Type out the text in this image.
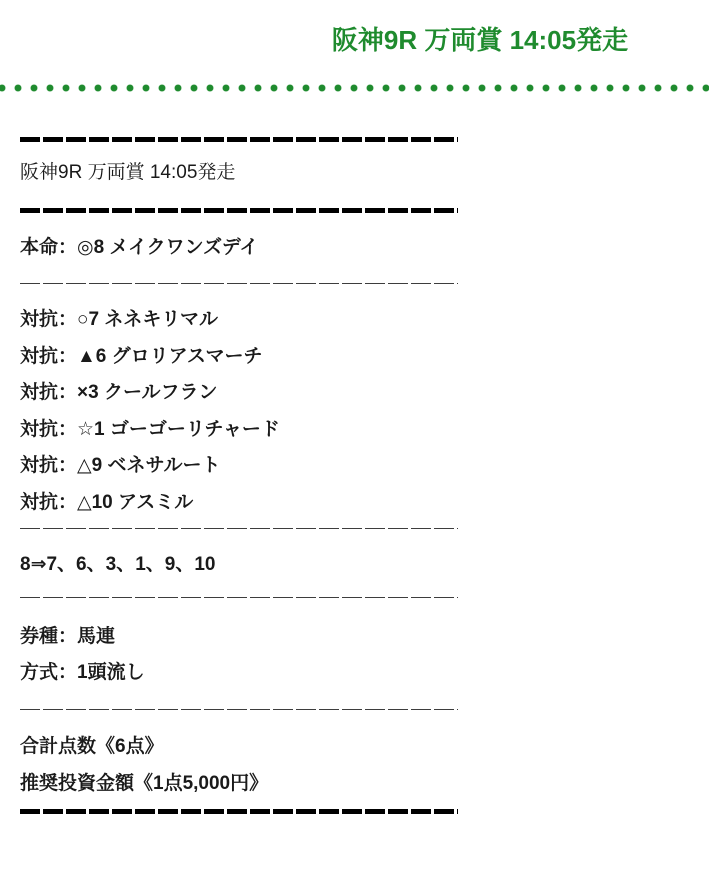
阪神9R 万両賞 14:05発走
阪神9R 万両賞 14:05発走
本命：◎8 メイクワンズデイ
対抗：○7 ネネキリマル
対抗：▲6 グロリアスマーチ
対抗：×3 クールフラン
対抗：☆1 ゴーゴーリチャード
対抗：△9 ベネサルート
対抗：△10 アスミル
8⇒7、6、3、1、9、10
券種：馬連
方式：1頭流し
合計点数《6点》
推奨投資金額《1点5,000円》
